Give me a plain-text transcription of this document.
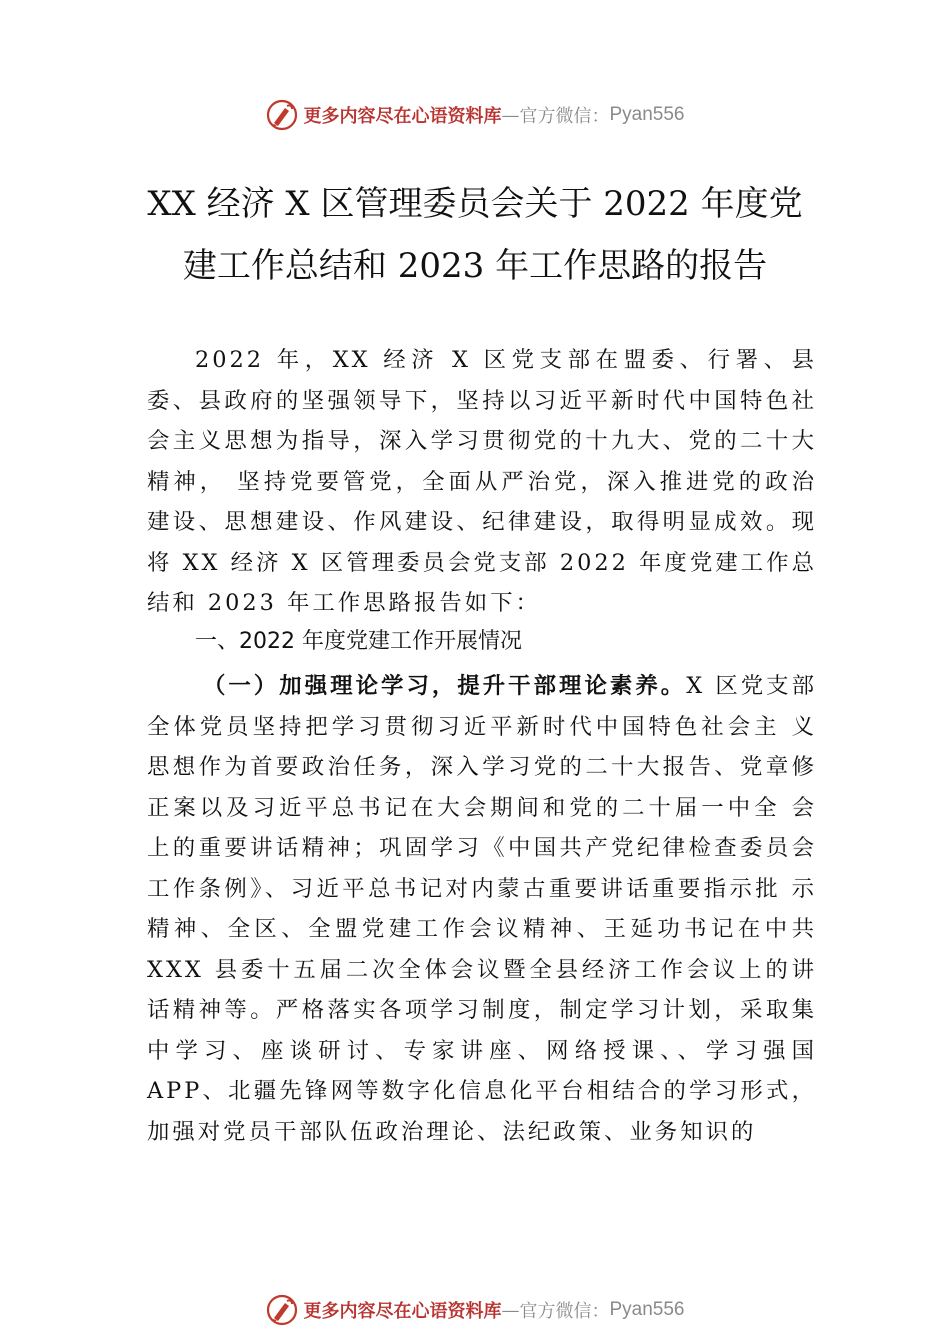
更多内容尽在心语资料库 — 官方微信： Pyan556
XX 经济 X 区管理委员会关于 2022 年度党
建工作总结和 2023 年工作思路的报告
2022 年，XX 经济 X 区党支部在盟委、行署、县委、县政府的坚强领导下，坚持以习近平新时代中国特色社会主义思想为指导，深入学习贯彻党的十九大、党的二十大精神， 坚持党要管党，全面从严治党，深入推进党的政治建设、思想建设、作风建设、纪律建设，取得明显成效。现将 XX 经济 X 区管理委员会党支部 2022 年度党建工作总结和 2023 年工作思路报告如下：
一、2022 年度党建工作开展情况
（一）加强理论学习，提升干部理论素养。X 区党支部全体党员坚持把学习贯彻习近平新时代中国特色社会主 义思想作为首要政治任务，深入学习党的二十大报告、党章修正案以及习近平总书记在大会期间和党的二十届一中全 会上的重要讲话精神；巩固学习《中国共产党纪律检查委员会工作条例》、习近平总书记对内蒙古重要讲话重要指示批 示精神、全区、全盟党建工作会议精神、王延功书记在中共 XXX 县委十五届二次全体会议暨全县经济工作会议上的讲话精神等。严格落实各项学习制度，制定学习计划，采取集中学习、座谈研讨、专家讲座、网络授课、、学习强国 APP、北疆先锋网等数字化信息化平台相结合的学习形式，加强对党员干部队伍政治理论、法纪政策、业务知识的
更多内容尽在心语资料库 — 官方微信： Pyan556
